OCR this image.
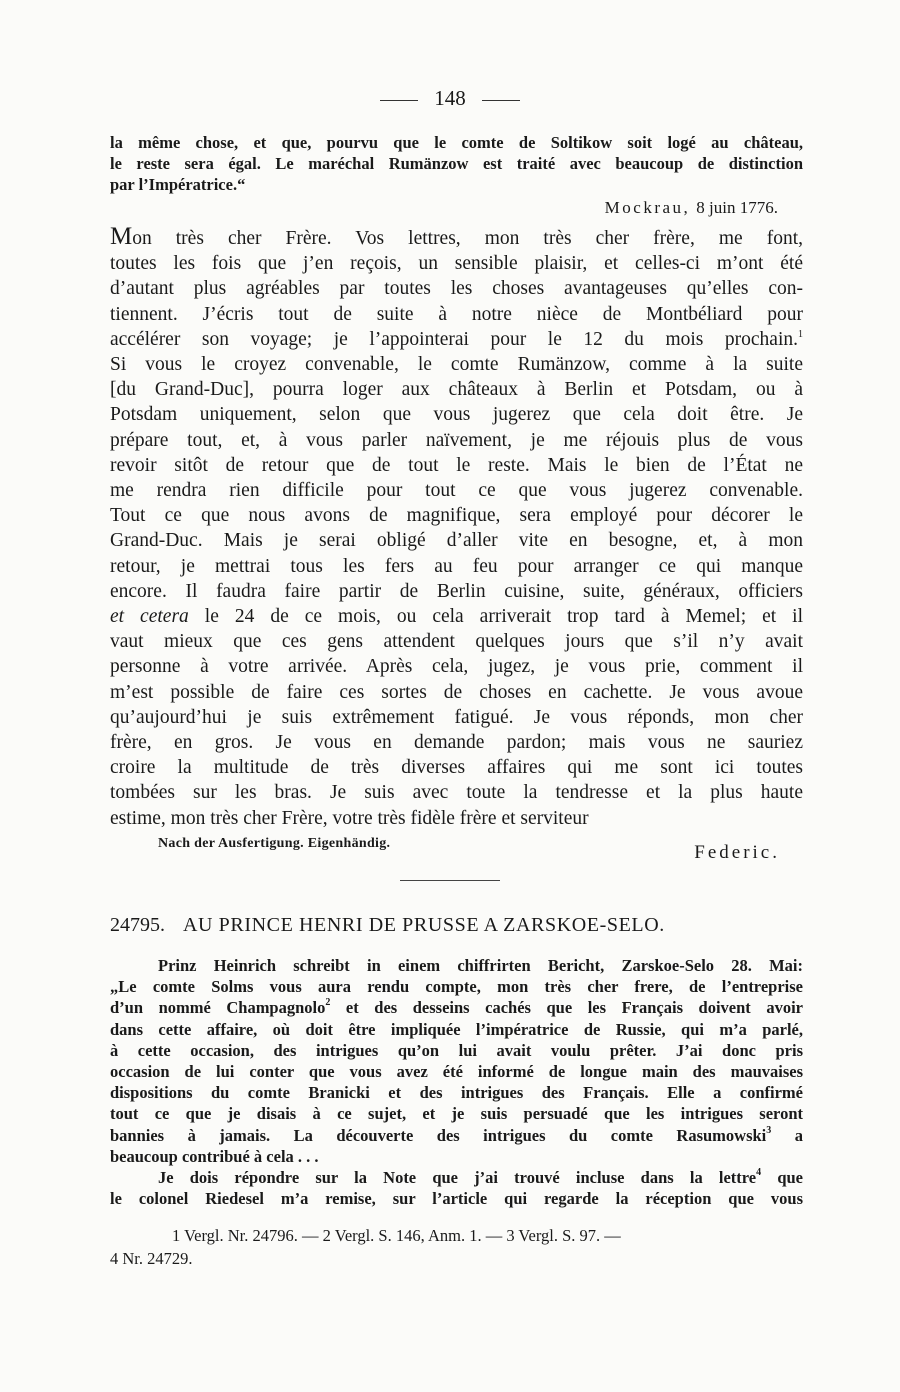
148
la même chose, et que, pourvu que le comte de Soltikow soit logé au château,
le reste sera égal. Le maréchal Rumänzow est traité avec beaucoup de distinction
par l’Impératrice.“
Mockrau, 8 juin 1776.
Mon très cher Frère. Vos lettres, mon très cher frère, me font,
toutes les fois que j’en reçois, un sensible plaisir, et celles-ci m’ont été
d’autant plus agréables par toutes les choses avantageuses qu’elles con-
tiennent. J’écris tout de suite à notre nièce de Montbéliard pour
accélérer son voyage; je l’appointerai pour le 12 du mois prochain.$^1$
Si vous le croyez convenable, le comte Rumänzow, comme à la suite
[du Grand-Duc], pourra loger aux châteaux à Berlin et Potsdam, ou à
Potsdam uniquement, selon que vous jugerez que cela doit être. Je
prépare tout, et, à vous parler naïvement, je me réjouis plus de vous
revoir sitôt de retour que de tout le reste. Mais le bien de l’État ne
me rendra rien difficile pour tout ce que vous jugerez convenable.
Tout ce que nous avons de magnifique, sera employé pour décorer le
Grand-Duc. Mais je serai obligé d’aller vite en besogne, et, à mon
retour, je mettrai tous les fers au feu pour arranger ce qui manque
encore. Il faudra faire partir de Berlin cuisine, suite, généraux, officiers
et cetera le 24 de ce mois, ou cela arriverait trop tard à Memel; et il
vaut mieux que ces gens attendent quelques jours que s’il n’y avait
personne à votre arrivée. Après cela, jugez, je vous prie, comment il
m’est possible de faire ces sortes de choses en cachette. Je vous avoue
qu’aujourd’hui je suis extrêmement fatigué. Je vous réponds, mon cher
frère, en gros. Je vous en demande pardon; mais vous ne sauriez
croire la multitude de très diverses affaires qui me sont ici toutes
tombées sur les bras. Je suis avec toute la tendresse et la plus haute
estime, mon très cher Frère, votre très fidèle frère et serviteur
Nach der Ausfertigung. Eigenhändig.	Federic.
24795. AU PRINCE HENRI DE PRUSSE A ZARSKOE-SELO.
Prinz Heinrich schreibt in einem chiffrirten Bericht, Zarskoe-Selo 28. Mai:
„Le comte Solms vous aura rendu compte, mon très cher frere, de l’entreprise
d’un nommé Champagnolo$^2$ et des desseins cachés que les Français doivent avoir
dans cette affaire, où doit être impliquée l’impératrice de Russie, qui m’a parlé,
à cette occasion, des intrigues qu’on lui avait voulu prêter. J’ai donc pris
occasion de lui conter que vous avez été informé de longue main des mauvaises
dispositions du comte Branicki et des intrigues des Français. Elle a confirmé
tout ce que je disais à ce sujet, et je suis persuadé que les intrigues seront
bannies à jamais. La découverte des intrigues du comte Rasumowski$^3$ a
beaucoup contribué à cela . . .
Je dois répondre sur la Note que j’ai trouvé incluse dans la lettre$^4$ que
le colonel Riedesel m’a remise, sur l’article qui regarde la réception que vous
1 Vergl. Nr. 24796. — 2 Vergl. S. 146, Anm. 1. — 3 Vergl. S. 97. —
4 Nr. 24729.
